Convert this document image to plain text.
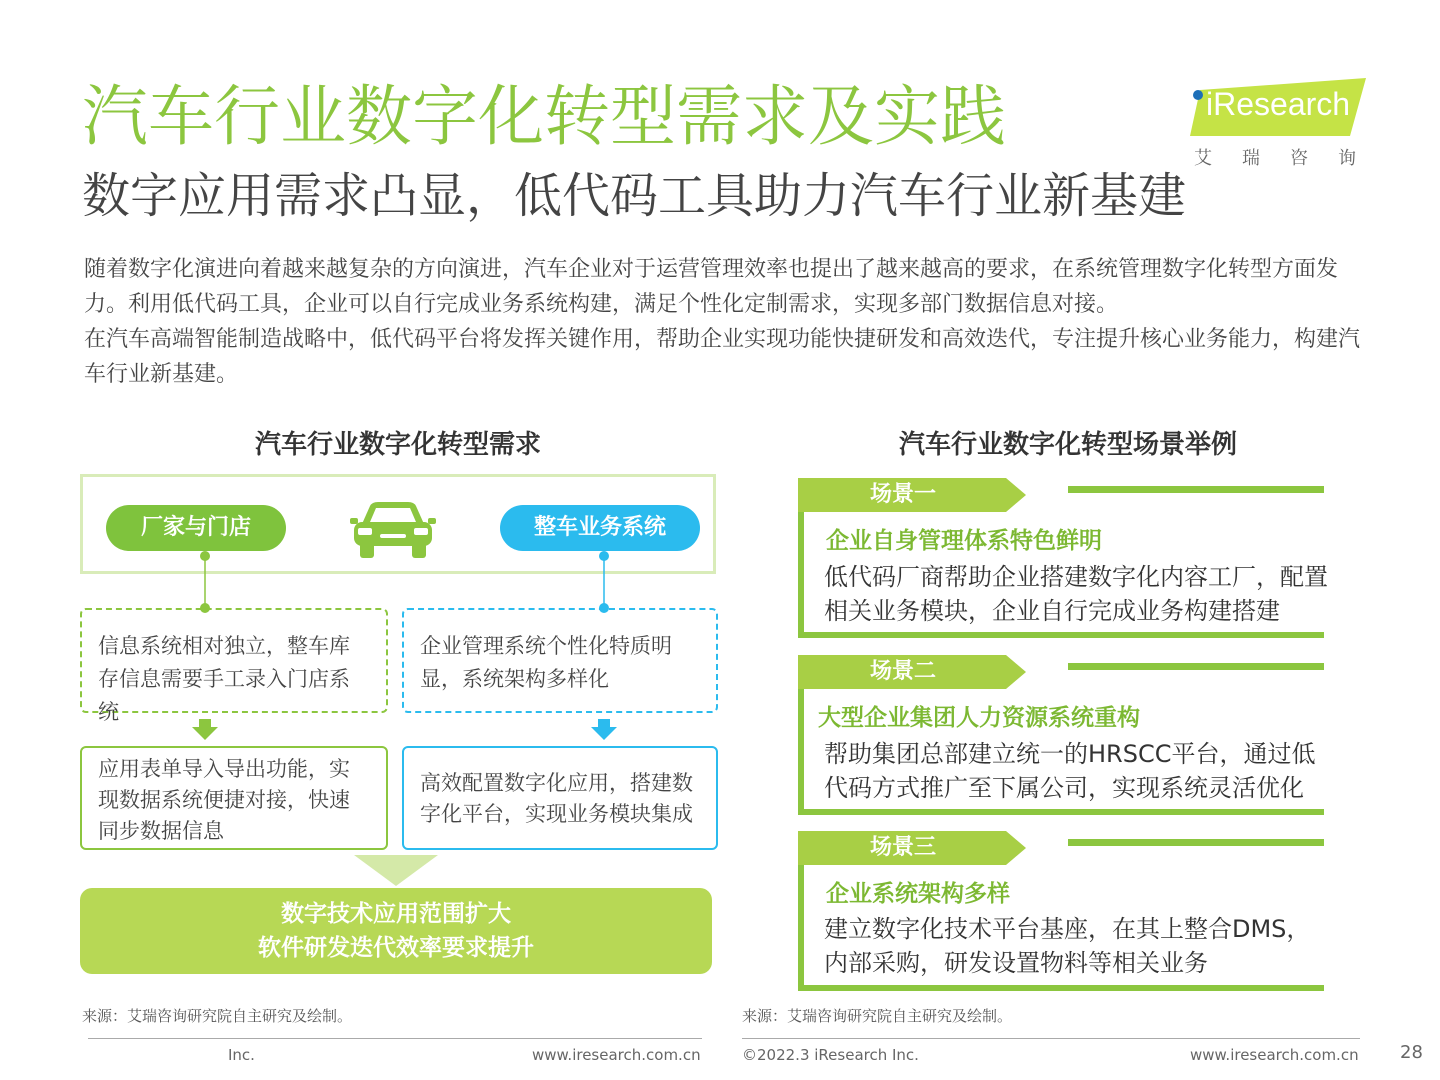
汽车行业数字化转型需求及实践
数字应用需求凸显，低代码工具助力汽车行业新基建

随着数字化演进向着越来越复杂的方向演进，汽车企业对于运营管理效率也提出了越来越高的要求，在系统管理数字化转型方面发力。利用低代码工具，企业可以自行完成业务系统构建，满足个性化定制需求，实现多部门数据信息对接。

在汽车高端智能制造战略中，低代码平台将发挥关键作用，帮助企业实现功能快捷研发和高效迭代，专注提升核心业务能力，构建汽车行业新基建。

iResearch
艾瑞咨询
汽车行业数字化转型需求
厂家与门店	整车业务系统
信息系统相对独立，整车库存信息需要手工录入门店系统
企业管理系统个性化特质明显，系统架构多样化
应用表单导入导出功能，实现数据系统便捷对接，快速同步数据信息
高效配置数字化应用，搭建数字化平台，实现业务模块集成
数字技术应用范围扩大
软件研发迭代效率要求提升
汽车行业数字化转型场景举例
场景一
企业自身管理体系特色鲜明
低代码厂商帮助企业搭建数字化内容工厂，配置相关业务模块，企业自行完成业务构建搭建
场景二
大型企业集团人力资源系统重构
帮助集团总部建立统一的HRSCC平台，通过低代码方式推广至下属公司，实现系统灵活优化
场景三
企业系统架构多样
建立数字化技术平台基座，在其上整合DMS，内部采购，研发设置物料等相关业务
来源：艾瑞咨询研究院自主研究及绘制。	来源：艾瑞咨询研究院自主研究及绘制。
Inc.	www.iresearch.com.cn	©2022.3 iResearch Inc.	www.iresearch.com.cn 28
